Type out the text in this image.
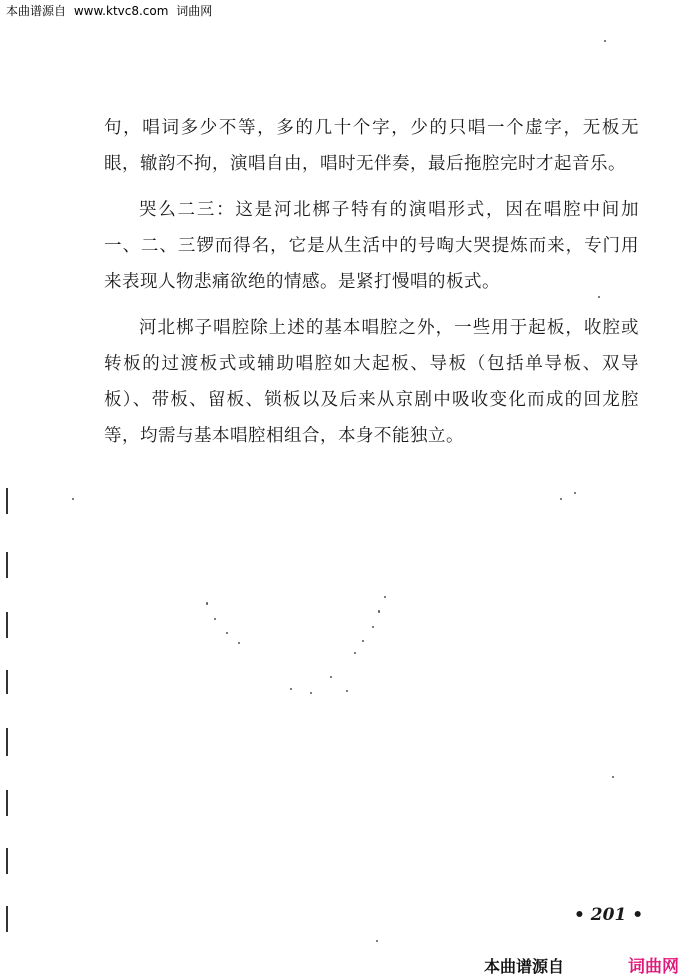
本曲谱源自 www.ktvc8.com 词曲网

句，唱词多少不等，多的几十个字，少的只唱一个虚字，无板无眼，辙韵不拘，演唱自由，唱时无伴奏，最后拖腔完时才起音乐。

哭么二三：这是河北梆子特有的演唱形式，因在唱腔中间加一、二、三锣而得名，它是从生活中的号啕大哭提炼而来，专门用来表现人物悲痛欲绝的情感。是紧打慢唱的板式。

河北梆子唱腔除上述的基本唱腔之外，一些用于起板，收腔或转板的过渡板式或辅助唱腔如大起板、导板（包括单导板、双导板）、带板、留板、锁板以及后来从京剧中吸收变化而成的回龙腔等，均需与基本唱腔相组合，本身不能独立。

• 201 •
本曲谱源自	词曲网
